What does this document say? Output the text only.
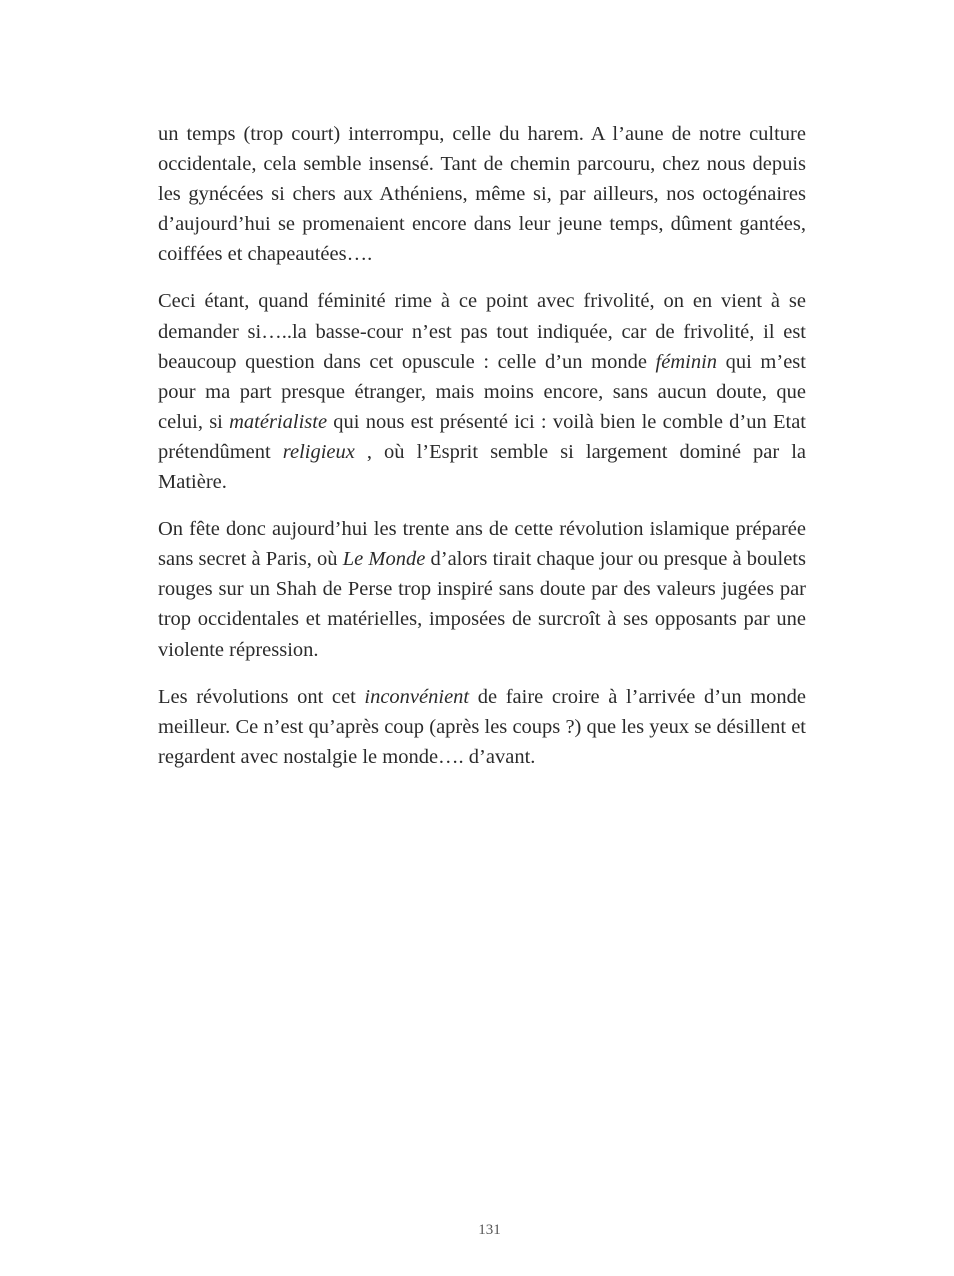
un temps (trop court) interrompu, celle du harem. A l’aune de notre culture occidentale, cela semble insensé. Tant de chemin parcouru, chez nous depuis les gynécées si chers aux Athéniens, même si, par ailleurs, nos octogénaires d’aujourd’hui se promenaient encore dans leur jeune temps, dûment gantées, coiffées et chapeautées….

Ceci étant, quand féminité rime à ce point avec frivolité, on en vient à se demander si…..la basse-cour n’est pas tout indiquée, car de frivolité, il est beaucoup question dans cet opuscule : celle d’un monde féminin qui m’est pour ma part presque étranger, mais moins encore, sans aucun doute, que celui, si matérialiste qui nous est présenté ici : voilà bien le comble d’un Etat prétendûment religieux , où l’Esprit semble si largement dominé par la Matière.

On fête donc aujourd’hui les trente ans de cette révolution islamique préparée sans secret à Paris, où Le Monde d’alors tirait chaque jour ou presque à boulets rouges sur un Shah de Perse trop inspiré sans doute par des valeurs jugées par trop occidentales et matérielles, imposées de surcroît à ses opposants par une violente répression.

Les révolutions ont cet inconvénient de faire croire à l’arrivée d’un monde meilleur. Ce n’est qu’après coup (après les coups ?) que les yeux se désillent et regardent avec nostalgie le monde…. d’avant.

131
